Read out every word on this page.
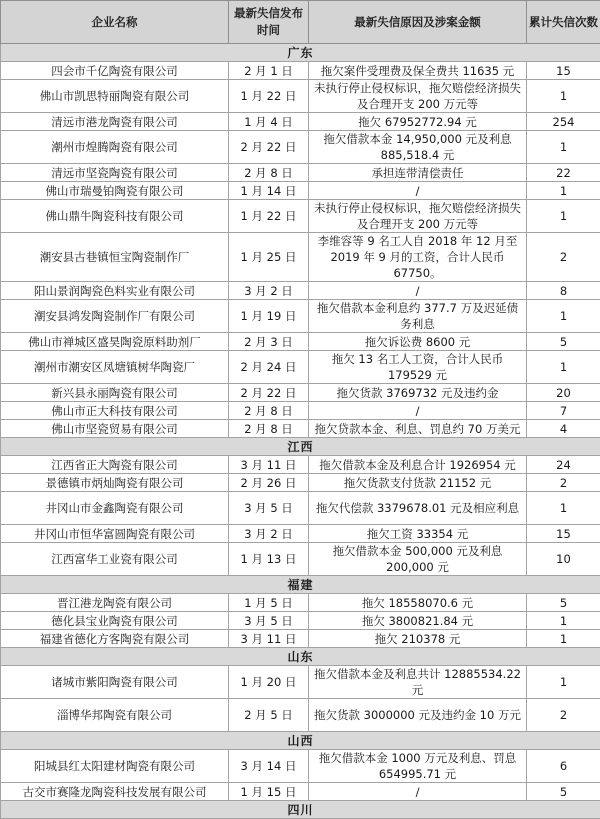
企业名称	最新失信发布时间	最新失信原因及涉案金额	累计失信次数
广东			
四会市千亿陶瓷有限公司	2 月 1 日	拖欠案件受理费及保全费共 11635 元	15
佛山市凯思特丽陶瓷有限公司	1 月 22 日	未执行停止侵权标识，拖欠赔偿经济损失及合理开支 200 万元等	1
清远市港龙陶瓷有限公司	1 月 4 日	拖欠 67952772.94 元	254
潮州市煌腾陶瓷有限公司	2 月 22 日	拖欠借款本金 14,950,000 元及利息 885,518.4 元	1
清远市坚瓷陶瓷有限公司	2 月 8 日	承担连带清偿责任	22
佛山市瑞曼铂陶瓷有限公司	1 月 14 日	/	1
佛山鼎牛陶瓷科技有限公司	1 月 22 日	未执行停止侵权标识，拖欠赔偿经济损失及合理开支 200 万元等	1
潮安县古巷镇恒宝陶瓷制作厂	1 月 25 日	李维容等 9 名工人自 2018 年 12 月至 2019 年 9 月的工资，合计人民币 67750。	2
阳山景润陶瓷色料实业有限公司	3 月 2 日	/	8
潮安县鸿发陶瓷制作厂有限公司	1 月 19 日	拖欠借款本金利息约 377.7 万及迟延债务利息	1
佛山市禅城区盛昊陶瓷原料助剂厂	2 月 3 日	拖欠诉讼费 8600 元	5
潮州市潮安区凤塘镇树华陶瓷厂	2 月 24 日	拖欠 13 名工人工资，合计人民币 179529 元	1
新兴县永丽陶瓷有限公司	2 月 22 日	拖欠货款 3769732 元及违约金	20
佛山市正大科技有限公司	2 月 8 日	/	7
佛山市坚瓷贸易有限公司	2 月 8 日	拖欠贷款本金、利息、罚息约 70 万美元	4
江西			
江西省正大陶瓷有限公司	3 月 11 日	拖欠借款本金及利息合计 1926954 元	24
景德镇市炳灿陶瓷有限公司	2 月 26 日	拖欠货款支付货款 21152 元	2
井冈山市金鑫陶瓷有限公司	3 月 5 日	拖欠代偿款 3379678.01 元及相应利息	1
井冈山市恒华富圆陶瓷有限公司	3 月 2 日	拖欠工资 33354 元	15
江西富华工业瓷有限公司	1 月 13 日	拖欠借款本金 500,000 元及利息 200,000 元	10
福建			
晋江港龙陶瓷有限公司	1 月 5 日	拖欠 18558070.6 元	5
德化县宝业陶瓷有限公司	3 月 5 日	拖欠 3800821.84 元	1
福建省德化方客陶瓷有限公司	3 月 11 日	拖欠 210378 元	1
山东			
诸城市紫阳陶瓷有限公司	1 月 20 日	拖欠借款本金及利息共计 12885534.22 元	1
淄博华邦陶瓷有限公司	2 月 5 日	拖欠货款 3000000 元及违约金 10 万元	2
山西			
阳城县红太阳建材陶瓷有限公司	3 月 14 日	拖欠借款本金 1000 万元及利息、罚息 654995.71 元	6
古交市赛隆龙陶瓷科技发展有限公司	1 月 15 日	/	5
四川			
